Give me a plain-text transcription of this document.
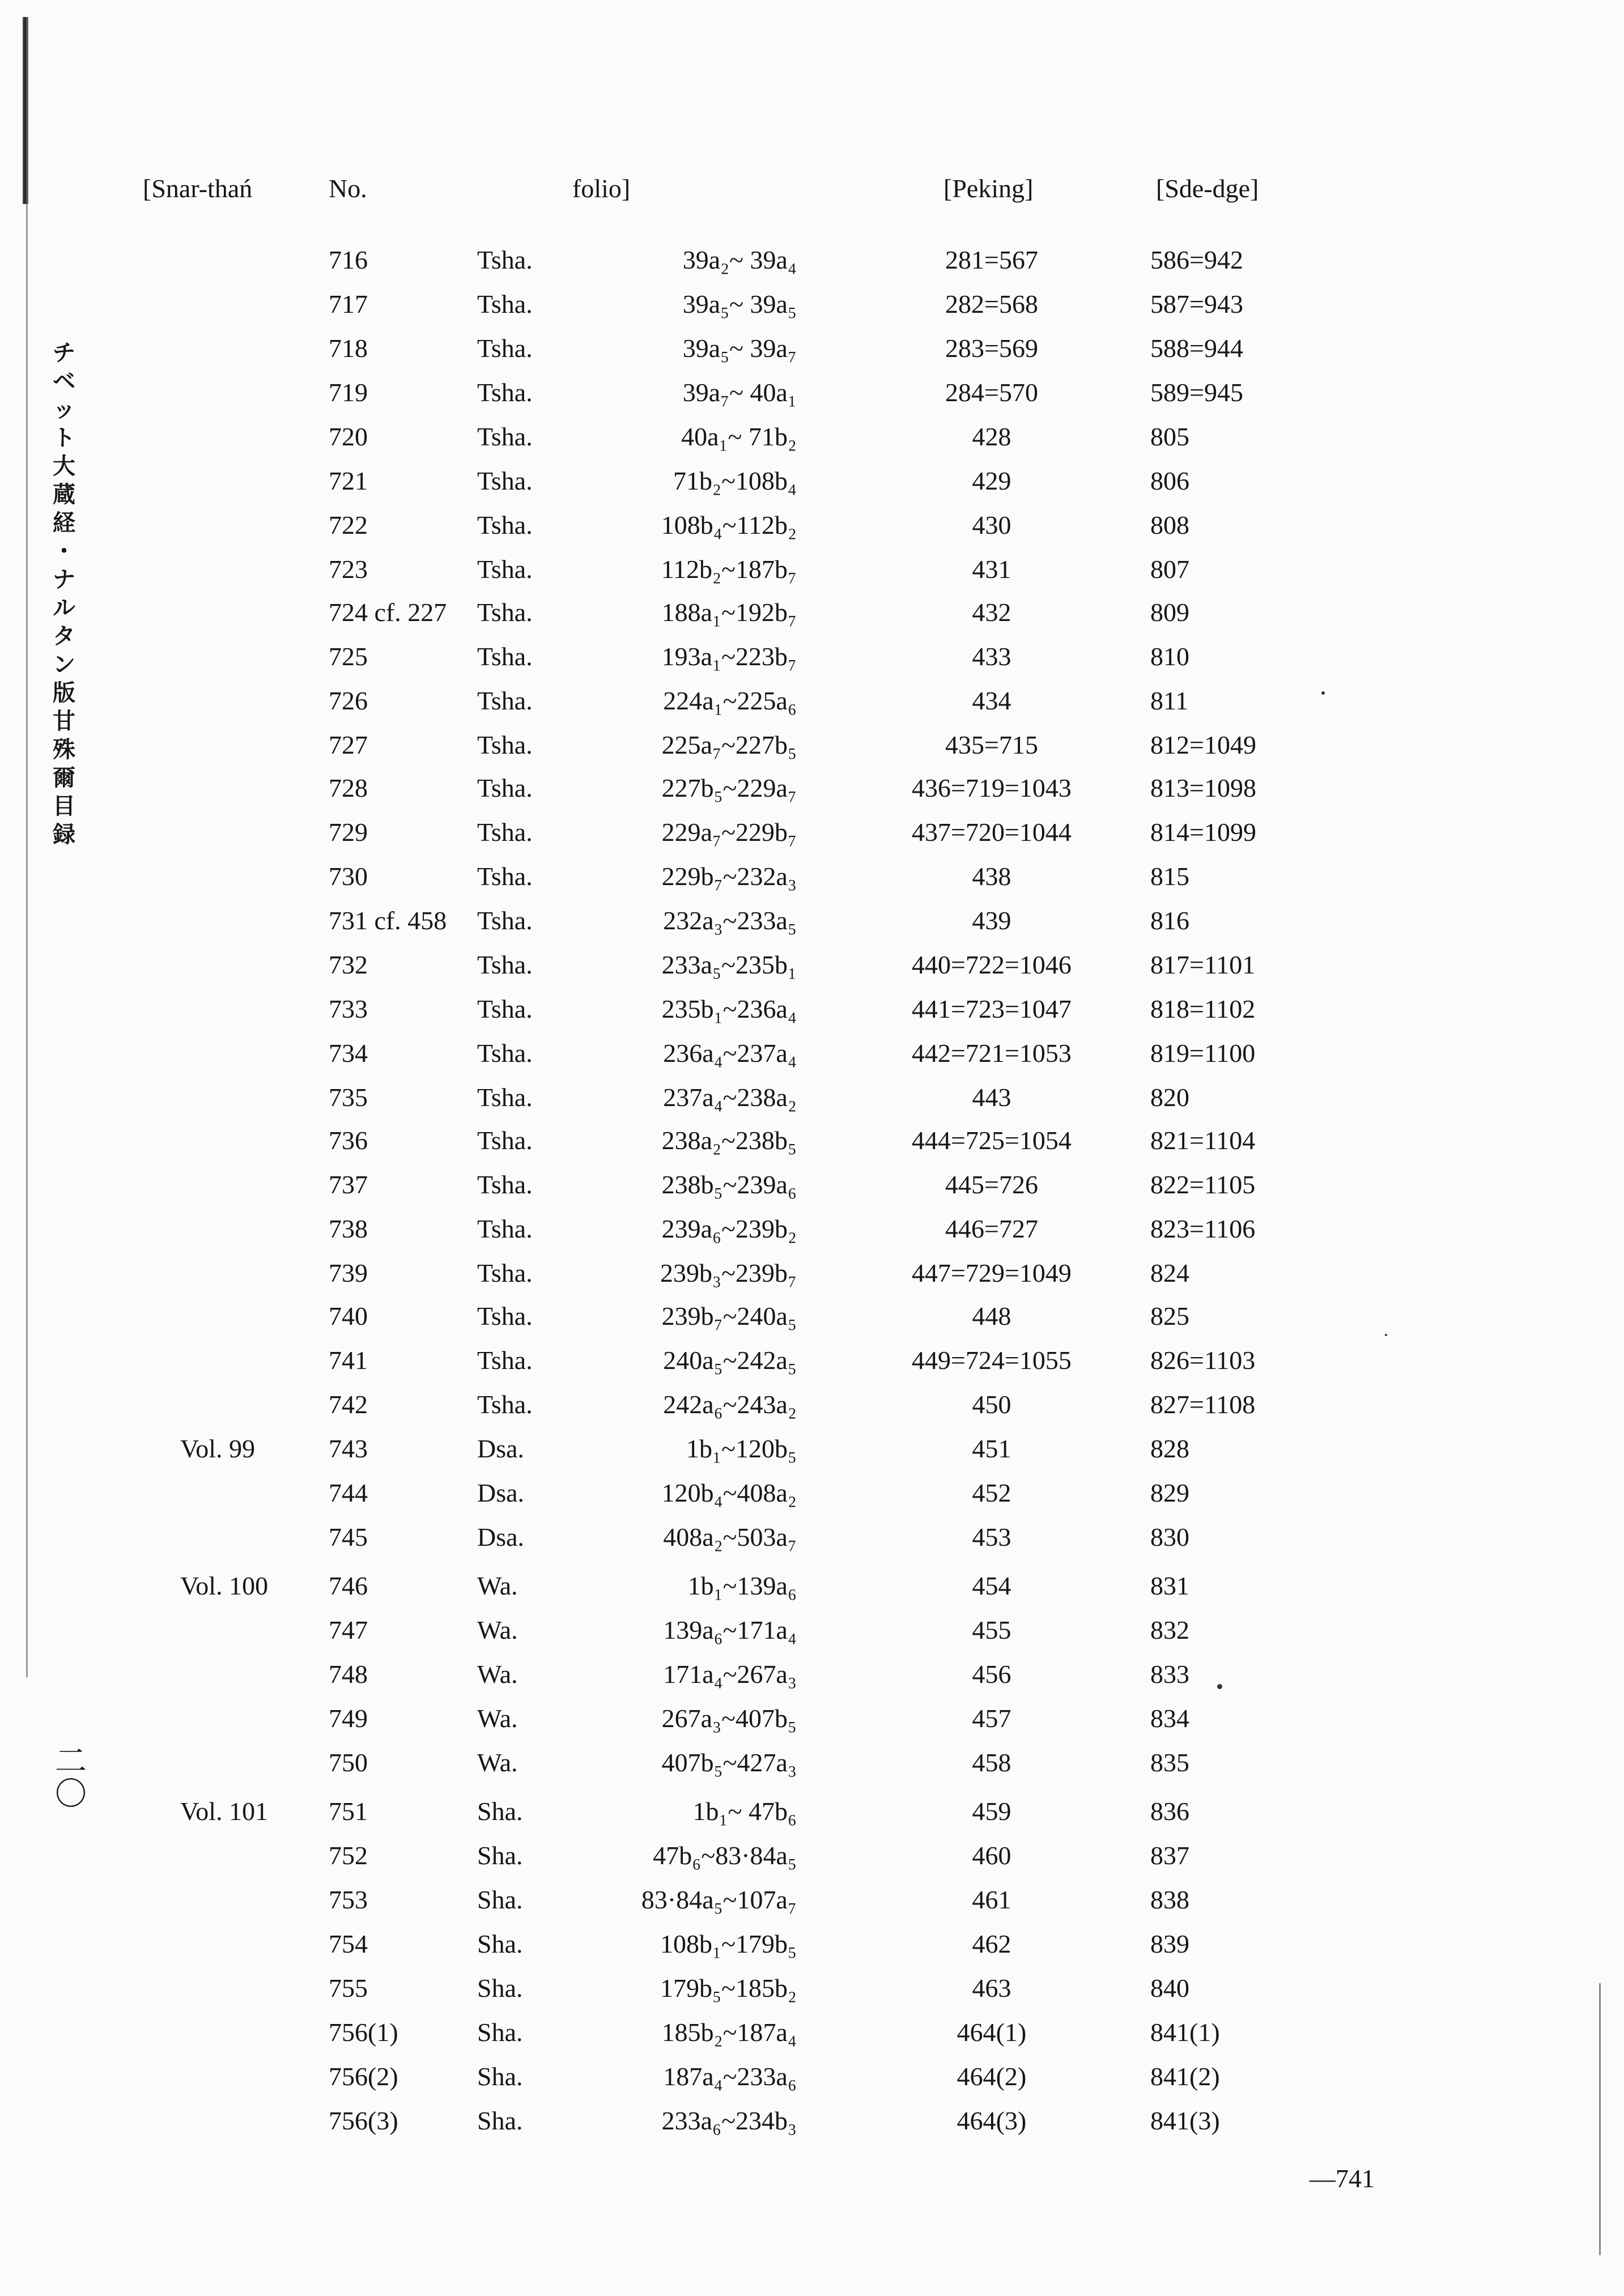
チ
ベ
ッ
ト
大
蔵
経
・
ナ
ル
タ
ン
版
甘
殊
爾
目
録
二
〇
[Snar-thań	No.	folio]	[Peking]	[Sde-dge]
716	Tsha.	39a₂~ 39a₄	281=567	586=942
717	Tsha.	39a₅~ 39a₅	282=568	587=943
718	Tsha.	39a₅~ 39a₇	283=569	588=944
719	Tsha.	39a₇~ 40a₁	284=570	589=945
720	Tsha.	40a₁~ 71b₂	428	805
721	Tsha.	71b₂~108b₄	429	806
722	Tsha.	108b₄~112b₂	430	808
723	Tsha.	112b₂~187b₇	431	807
724 cf. 227 Tsha.	188a₁~192b₇	432	809
725	Tsha.	193a₁~223b₇	433	810
726	Tsha.	224a₁~225a₆	434	811
727	Tsha.	225a₇~227b₅	435=715	812=1049
728	Tsha.	227b₅~229a₇	436=719=1043	813=1098
729	Tsha.	229a₇~229b₇	437=720=1044	814=1099
730	Tsha.	229b₇~232a₃	438	815
731 cf. 458 Tsha.	232a₃~233a₅	439	816
732	Tsha.	233a₅~235b₁	440=722=1046	817=1101
733	Tsha.	235b₁~236a₄	441=723=1047	818=1102
734	Tsha.	236a₄~237a₄	442=721=1053	819=1100
735	Tsha.	237a₄~238a₂	443	820
736	Tsha.	238a₂~238b₅	444=725=1054	821=1104
737	Tsha.	238b₅~239a₆	445=726	822=1105
738	Tsha.	239a₆~239b₂	446=727	823=1106
739	Tsha.	239b₃~239b₇	447=729=1049	824
740	Tsha.	239b₇~240a₅	448	825
741	Tsha.	240a₅~242a₅	449=724=1055	826=1103
742	Tsha.	242a₆~243a₂	450	827=1108
Vol. 99	743	Dsa.	1b₁~120b₅	451	828
744	Dsa.	120b₄~408a₂	452	829
745	Dsa.	408a₂~503a₇	453	830
Vol. 100 746	Wa.	1b₁~139a₆	454	831
747	Wa.	139a₆~171a₄	455	832
748	Wa.	171a₄~267a₃	456	833
749	Wa.	267a₃~407b₅	457	834
750	Wa.	407b₅~427a₃	458	835
Vol. 101 751	Sha.	1b₁~ 47b₆	459	836
752	Sha.	47b₆~83·84a₅	460	837
753	Sha.	83·84a₅~107a₇	461	838
754	Sha.	108b₁~179b₅	462	839
755	Sha.	179b₅~185b₂	463	840
756(1)	Sha.	185b₂~187a₄	464(1)	841(1)
756(2)	Sha.	187a₄~233a₆	464(2)	841(2)
756(3)	Sha.	233a₆~234b₃	464(3)	841(3)
—741
